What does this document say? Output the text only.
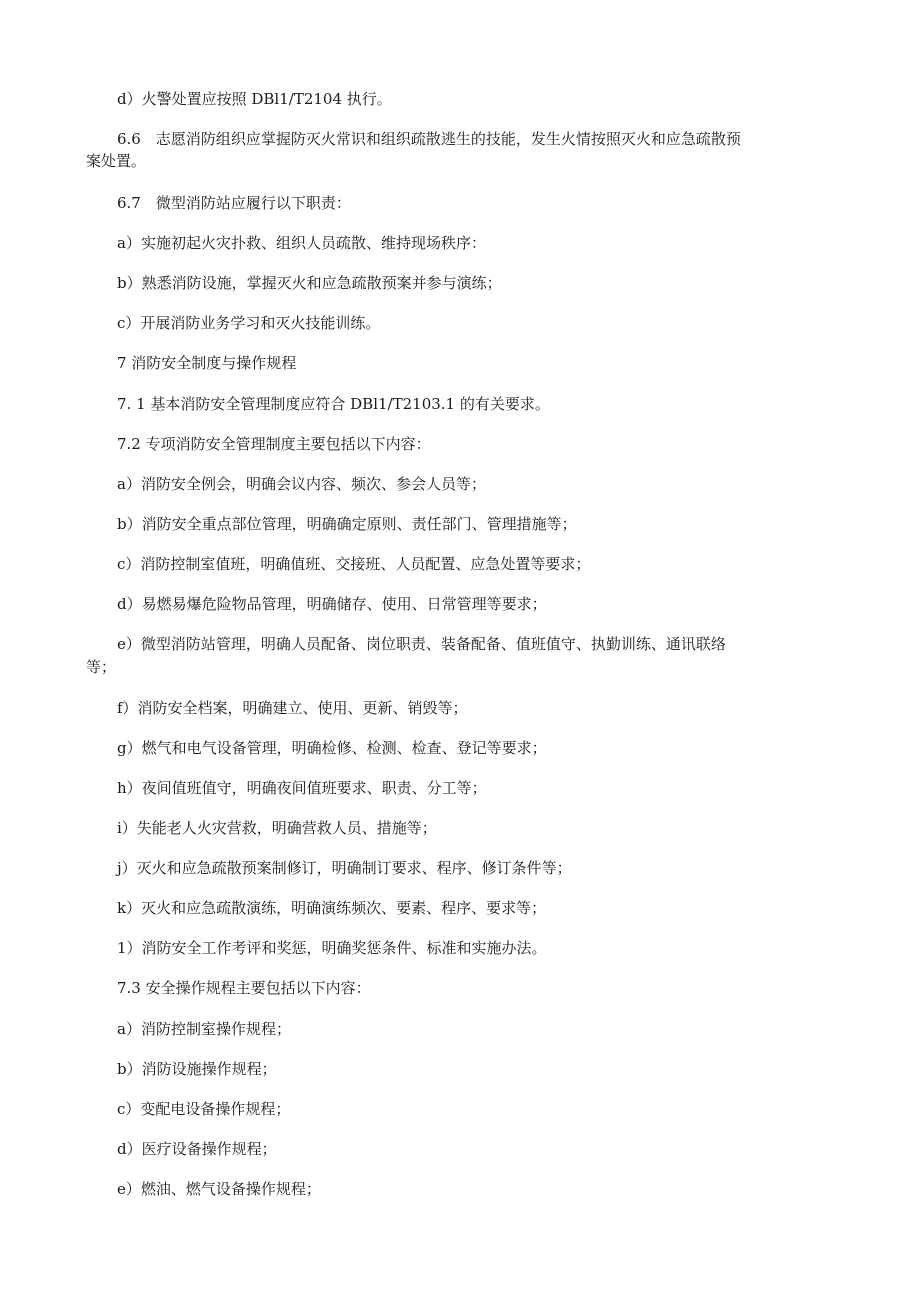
d）火警处置应按照 DBl1/T2104 执行。
6.6　志愿消防组织应掌握防灭火常识和组织疏散逃生的技能，发生火情按照灭火和应急疏散预
案处置。
6.7　微型消防站应履行以下职责：
a）实施初起火灾扑救、组织人员疏散、维持现场秩序：
b）熟悉消防设施，掌握灭火和应急疏散预案并参与演练；
c）开展消防业务学习和灭火技能训练。
7 消防安全制度与操作规程
7. 1 基本消防安全管理制度应符合 DBl1/T2103.1 的有关要求。
7.2 专项消防安全管理制度主要包括以下内容：
a）消防安全例会，明确会议内容、频次、参会人员等；
b）消防安全重点部位管理，明确确定原则、责任部门、管理措施等；
c）消防控制室值班，明确值班、交接班、人员配置、应急处置等要求；
d）易燃易爆危险物品管理，明确储存、使用、日常管理等要求；
e）微型消防站管理，明确人员配备、岗位职责、装备配备、值班值守、执勤训练、通讯联络
等；
f）消防安全档案，明确建立、使用、更新、销毁等；
g）燃气和电气设备管理，明确检修、检测、检查、登记等要求；
h）夜间值班值守，明确夜间值班要求、职责、分工等；
i）失能老人火灾营救，明确营救人员、措施等；
j）灭火和应急疏散预案制修订，明确制订要求、程序、修订条件等；
k）灭火和应急疏散演练，明确演练频次、要素、程序、要求等；
1）消防安全工作考评和奖惩，明确奖惩条件、标准和实施办法。
7.3 安全操作规程主要包括以下内容：
a）消防控制室操作规程；
b）消防设施操作规程；
c）变配电设备操作规程；
d）医疗设备操作规程；
e）燃油、燃气设备操作规程；
